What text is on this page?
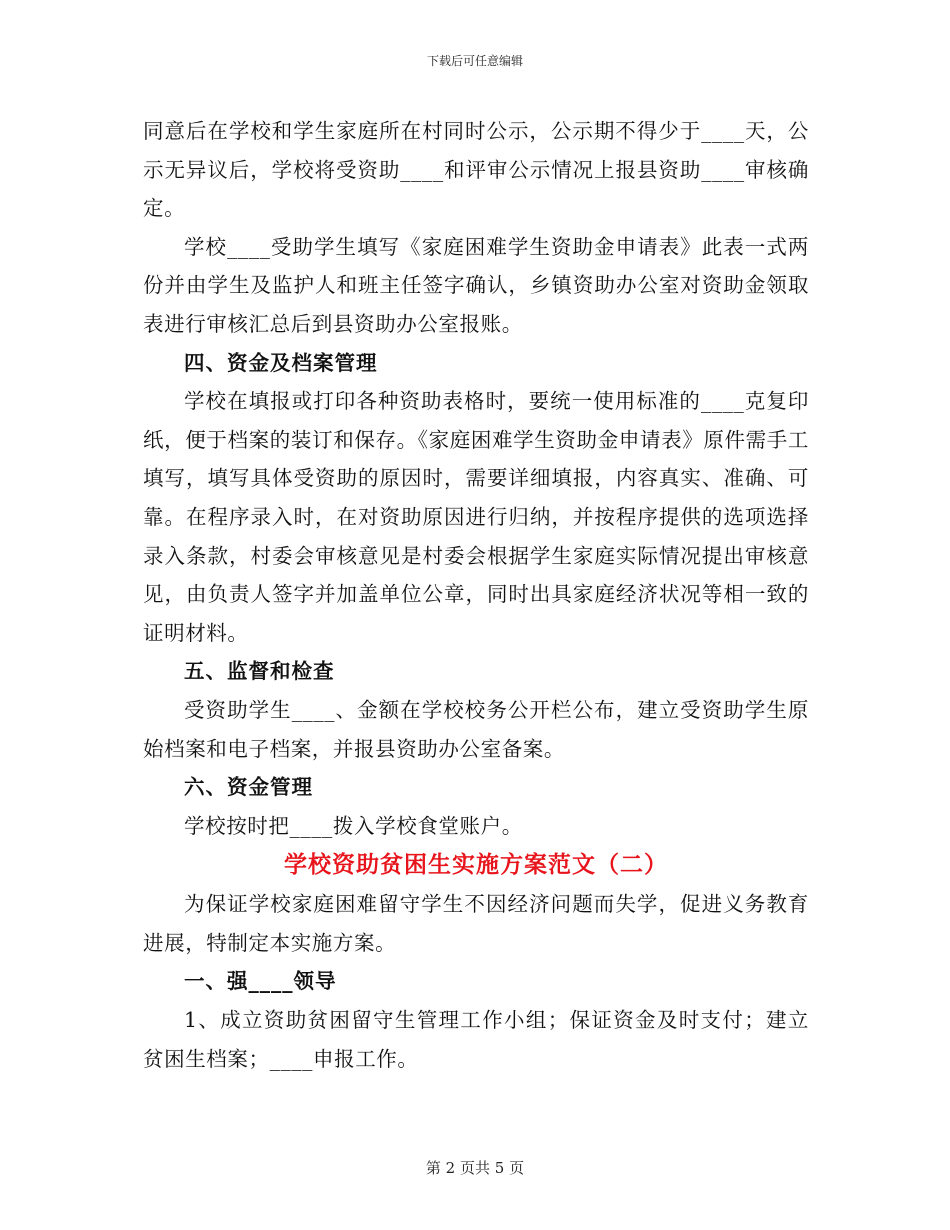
下载后可任意编辑

同意后在学校和学生家庭所在村同时公示，公示期不得少于____天，公示无异议后，学校将受资助____和评审公示情况上报县资助____审核确定。

学校____受助学生填写《家庭困难学生资助金申请表》此表一式两份并由学生及监护人和班主任签字确认，乡镇资助办公室对资助金领取表进行审核汇总后到县资助办公室报账。

四、资金及档案管理

学校在填报或打印各种资助表格时，要统一使用标准的____克复印纸，便于档案的装订和保存。《家庭困难学生资助金申请表》原件需手工填写，填写具体受资助的原因时，需要详细填报，内容真实、准确、可靠。在程序录入时，在对资助原因进行归纳，并按程序提供的选项选择录入条款，村委会审核意见是村委会根据学生家庭实际情况提出审核意见，由负责人签字并加盖单位公章，同时出具家庭经济状况等相一致的证明材料。

五、监督和检查

受资助学生____、金额在学校校务公开栏公布，建立受资助学生原始档案和电子档案，并报县资助办公室备案。

六、资金管理

学校按时把____拨入学校食堂账户。

学校资助贫困生实施方案范文（二）

为保证学校家庭困难留守学生不因经济问题而失学，促进义务教育进展，特制定本实施方案。

一、强____领导

1、成立资助贫困留守生管理工作小组；保证资金及时支付；建立贫困生档案；____申报工作。

第 2 页共 5 页
